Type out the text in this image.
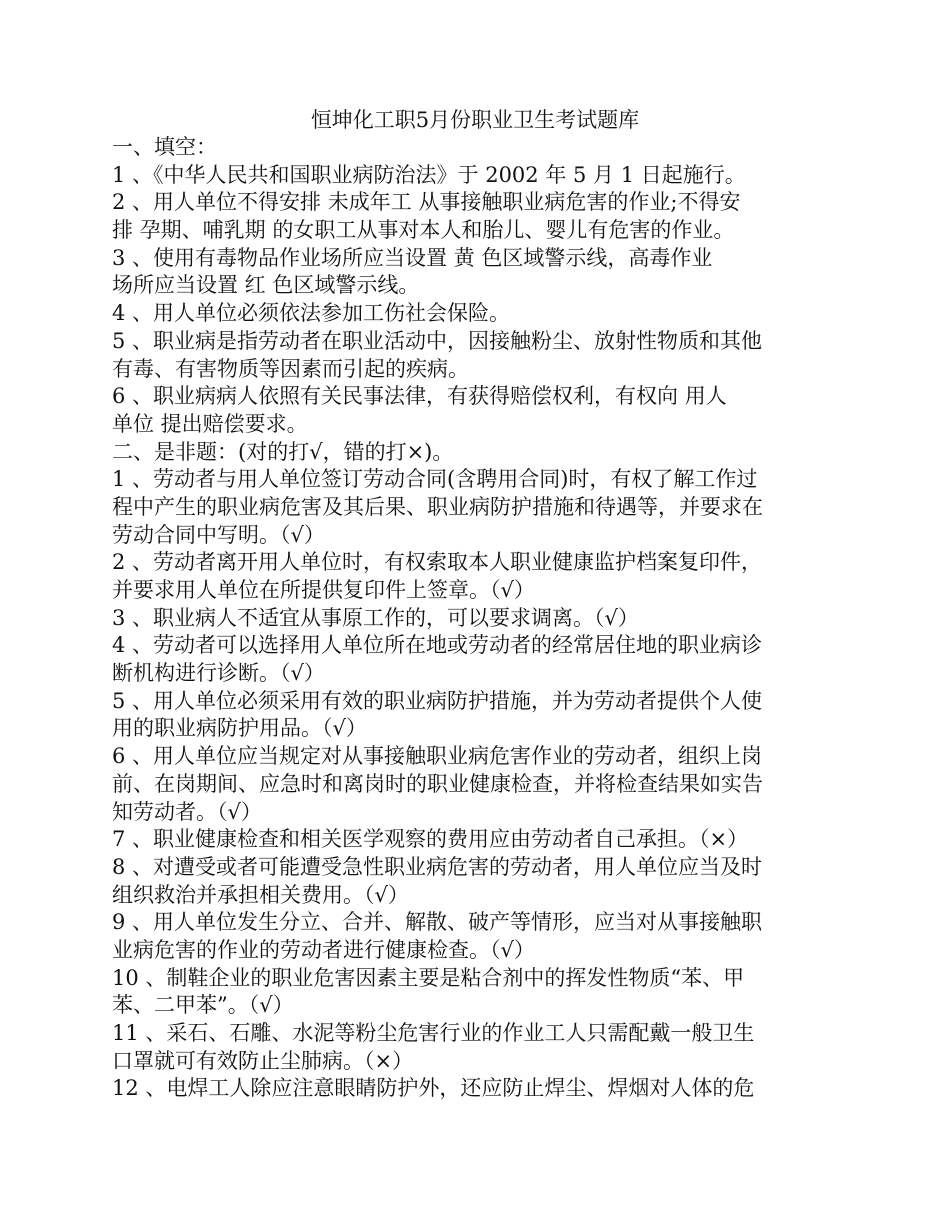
恒坤化工职5月份职业卫生考试题库
一、填空：
1 、《中华人民共和国职业病防治法》于 2002 年 5 月 1 日起施行。
2 、用人单位不得安排 未成年工 从事接触职业病危害的作业;不得安
排 孕期、哺乳期 的女职工从事对本人和胎儿、婴儿有危害的作业。
3 、使用有毒物品作业场所应当设置 黄 色区域警示线，高毒作业
场所应当设置 红 色区域警示线。
4 、用人单位必须依法参加工伤社会保险。
5 、职业病是指劳动者在职业活动中，因接触粉尘、放射性物质和其他
有毒、有害物质等因素而引起的疾病。
6 、职业病病人依照有关民事法律，有获得赔偿权利，有权向 用人
单位 提出赔偿要求。
二、是非题：(对的打√，错的打×)。
1 、劳动者与用人单位签订劳动合同(含聘用合同)时，有权了解工作过
程中产生的职业病危害及其后果、职业病防护措施和待遇等，并要求在
劳动合同中写明。（√）
2 、劳动者离开用人单位时，有权索取本人职业健康监护档案复印件，
并要求用人单位在所提供复印件上签章。（√）
3 、职业病人不适宜从事原工作的，可以要求调离。（√）
4 、劳动者可以选择用人单位所在地或劳动者的经常居住地的职业病诊
断机构进行诊断。（√）
5 、用人单位必须采用有效的职业病防护措施，并为劳动者提供个人使
用的职业病防护用品。（√）
6 、用人单位应当规定对从事接触职业病危害作业的劳动者，组织上岗
前、在岗期间、应急时和离岗时的职业健康检查，并将检查结果如实告
知劳动者。（√）
7 、职业健康检查和相关医学观察的费用应由劳动者自己承担。（×）
8 、对遭受或者可能遭受急性职业病危害的劳动者，用人单位应当及时
组织救治并承担相关费用。（√）
9 、用人单位发生分立、合并、解散、破产等情形，应当对从事接触职
业病危害的作业的劳动者进行健康检查。（√）
10 、制鞋企业的职业危害因素主要是粘合剂中的挥发性物质“苯、甲
苯、二甲苯”。（√）
11 、采石、石雕、水泥等粉尘危害行业的作业工人只需配戴一般卫生
口罩就可有效防止尘肺病。（×）
12 、电焊工人除应注意眼睛防护外，还应防止焊尘、焊烟对人体的危
